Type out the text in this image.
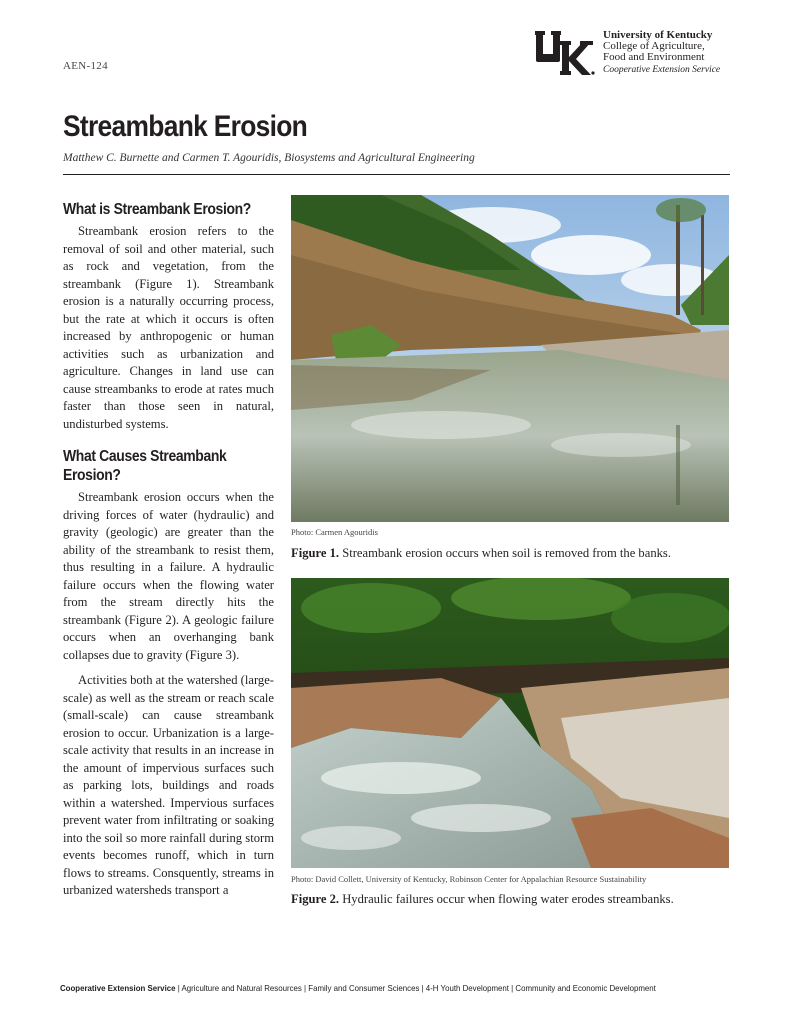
AEN-124
University of Kentucky
College of Agriculture,
Food and Environment
Cooperative Extension Service
Streambank Erosion
Matthew C. Burnette and Carmen T. Agouridis, Biosystems and Agricultural Engineering
What is Streambank Erosion?

Streambank erosion refers to the removal of soil and other material, such as rock and vegetation, from the streambank (Figure 1). Streambank erosion is a naturally occurring process, but the rate at which it occurs is often increased by anthropogenic or human activities such as urbanization and agriculture. Changes in land use can cause streambanks to erode at rates much faster than those seen in natural, undisturbed systems.

What Causes Streambank Erosion?

Streambank erosion occurs when the driving forces of water (hydraulic) and gravity (geologic) are greater than the ability of the streambank to resist them, thus resulting in a failure. A hydraulic failure occurs when the flowing water from the stream directly hits the streambank (Figure 2). A geologic failure occurs when an overhanging bank collapses due to gravity (Figure 3).

Activities both at the watershed (large-scale) as well as the stream or reach scale (small-scale) can cause streambank erosion to occur. Urbanization is a large-scale activity that results in an increase in the amount of impervious surfaces such as parking lots, buildings and roads within a watershed. Impervious surfaces prevent water from infiltrating or soaking into the soil so more rainfall during storm events becomes runoff, which in turn flows to streams. Consquently, streams in urbanized watersheds transport a

Photo: Carmen Agouridis
Figure 1. Streambank erosion occurs when soil is removed from the banks.
Photo: David Collett, University of Kentucky, Robinson Center for Appalachian Resource Sustainability
Figure 2. Hydraulic failures occur when flowing water erodes streambanks.
Cooperative Extension Service | Agriculture and Natural Resources | Family and Consumer Sciences | 4-H Youth Development | Community and Economic Development
